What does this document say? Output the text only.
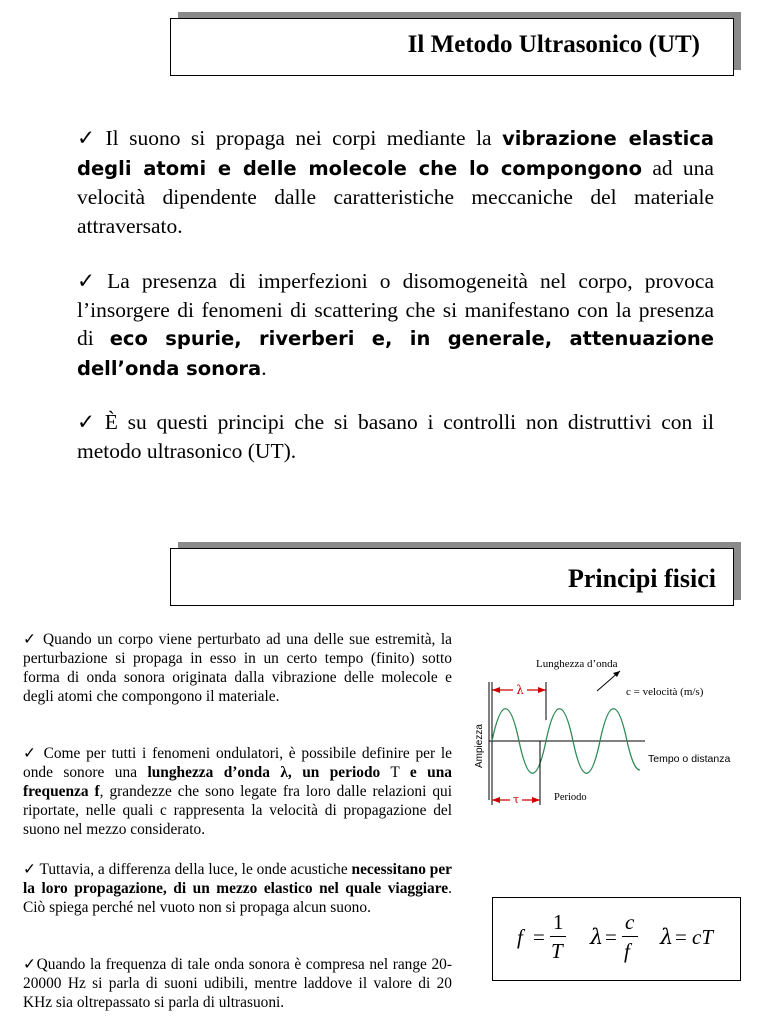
Il Metodo Ultrasonico (UT)
✓ Il suono si propaga nei corpi mediante la vibrazione elastica degli atomi e delle molecole che lo compongono ad una velocità dipendente dalle caratteristiche meccaniche del materiale attraversato.
✓ La presenza di imperfezioni o disomogeneità nel corpo, provoca l’insorgere di fenomeni di scattering che si manifestano con la presenza di eco spurie, riverberi e, in generale, attenuazione dell’onda sonora.
✓ È su questi principi che si basano i controlli non distruttivi con il metodo ultrasonico (UT).
Principi fisici
✓ Quando un corpo viene perturbato ad una delle sue estremità, la perturbazione si propaga in esso in un certo tempo (finito) sotto forma di onda sonora originata dalla vibrazione delle molecole e degli atomi che compongono il materiale.
✓ Come per tutti i fenomeni ondulatori, è possibile definire per le onde sonore una lunghezza d’onda λ, un periodo T e una frequenza f, grandezze che sono legate fra loro dalle relazioni qui riportate, nelle quali c rappresenta la velocità di propagazione del suono nel mezzo considerato.
✓ Tuttavia, a differenza della luce, le onde acustiche necessitano per la loro propagazione, di un mezzo elastico nel quale viaggiare. Ciò spiega perché nel vuoto non si propaga alcun suono.
✓Quando la frequenza di tale onda sonora è compresa nel range 20-20000 Hz si parla di suoni udibili, mentre laddove il valore di 20 KHz sia oltrepassato si parla di ultrasuoni.
Lunghezza d’onda
c = velocità (m/s)
λ
Ampiezza	Tempo o distanza
τ	Periodo
f =
1
T
λ =
c
f
λ = cT
